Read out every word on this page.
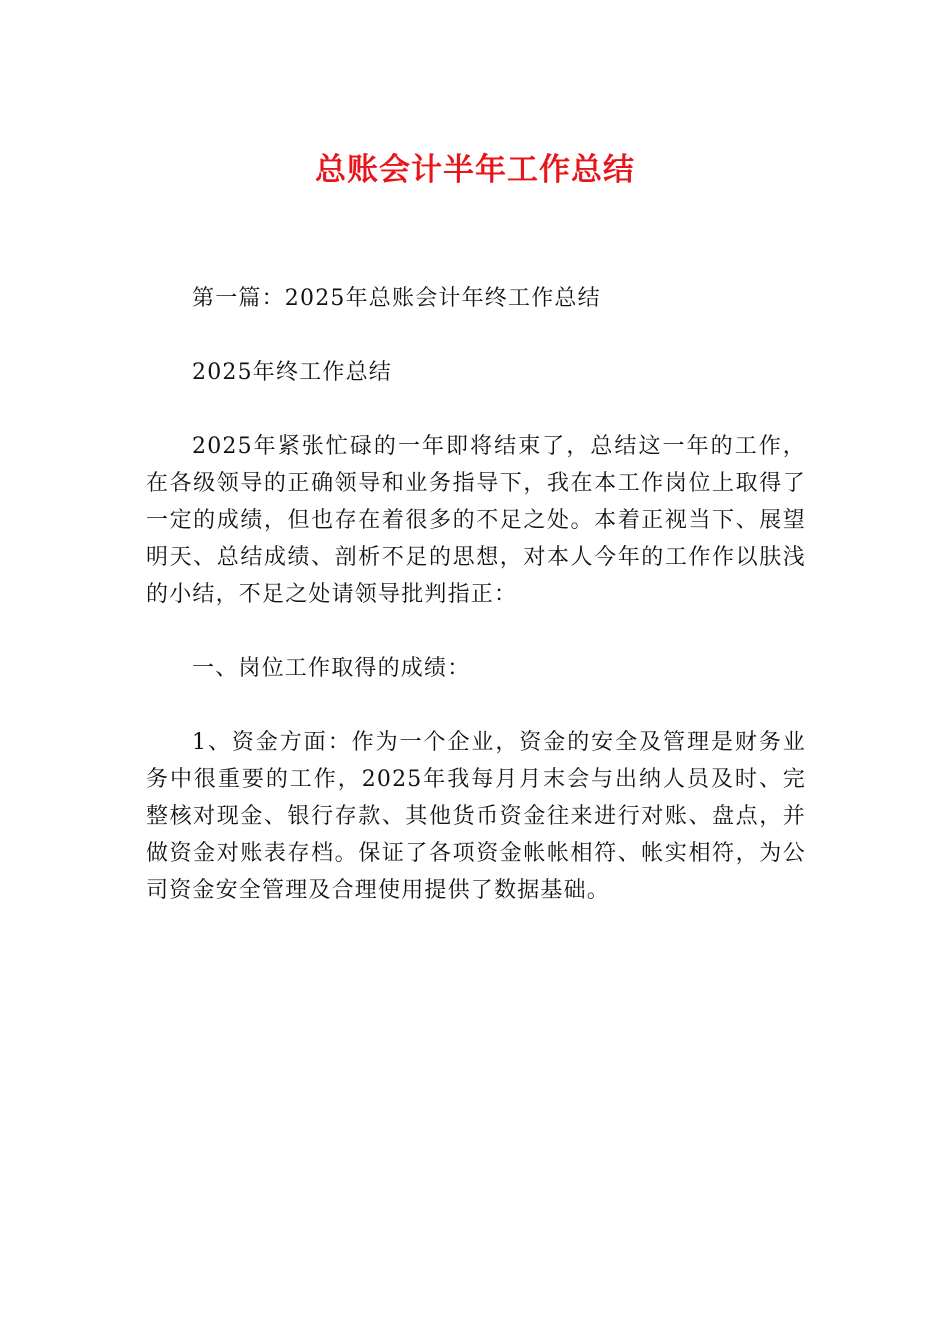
总账会计半年工作总结

第一篇：2025年总账会计年终工作总结

2025年终工作总结

2025年紧张忙碌的一年即将结束了，总结这一年的工作，在各级领导的正确领导和业务指导下，我在本工作岗位上取得了一定的成绩，但也存在着很多的不足之处。本着正视当下、展望明天、总结成绩、剖析不足的思想，对本人今年的工作作以肤浅的小结，不足之处请领导批判指正：

一、岗位工作取得的成绩：

1、资金方面：作为一个企业，资金的安全及管理是财务业务中很重要的工作，2025年我每月月末会与出纳人员及时、完整核对现金、银行存款、其他货币资金往来进行对账、盘点，并做资金对账表存档。保证了各项资金帐帐相符、帐实相符，为公司资金安全管理及合理使用提供了数据基础。
